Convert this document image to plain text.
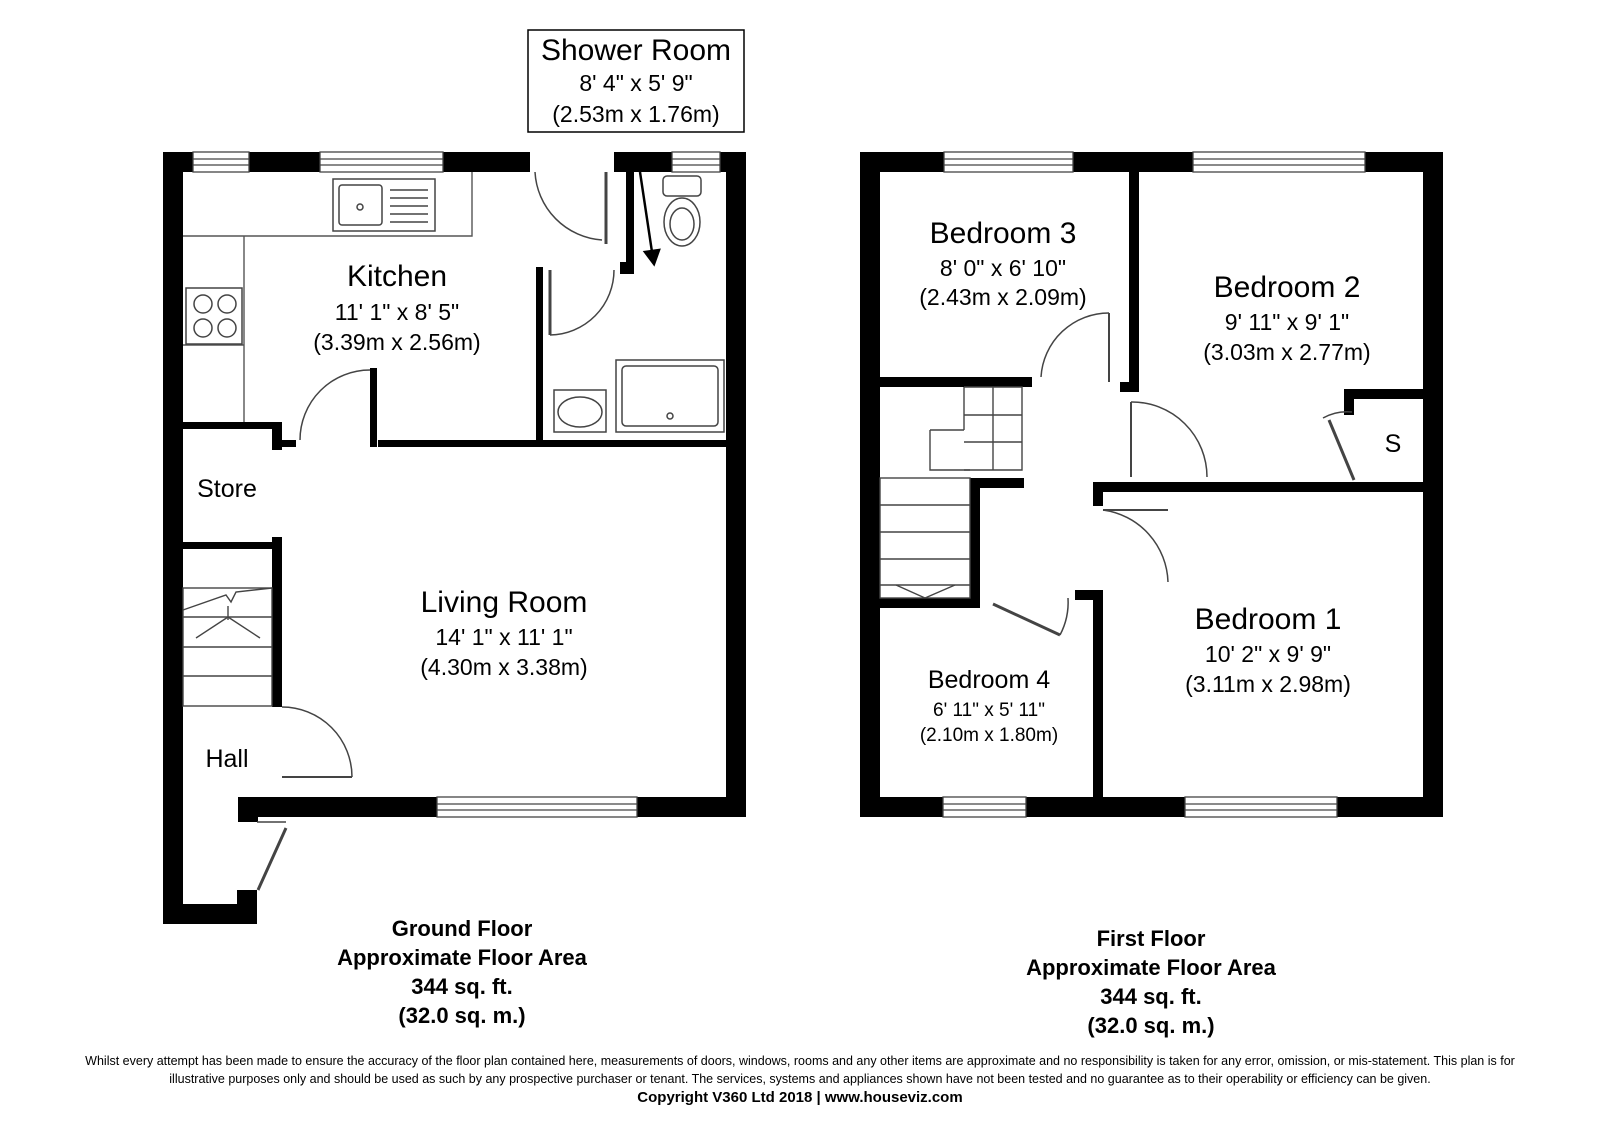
Shower Room
8' 4" x 5' 9"
(2.53m x 1.76m)
Kitchen
11' 1" x 8' 5"
(3.39m x 2.56m)
Store
Living Room
14' 1" x 11' 1"
(4.30m x 3.38m)
Hall
Bedroom 3
8' 0" x 6' 10"
(2.43m x 2.09m)	Bedroom 2
9' 11" x 9' 1"
(3.03m x 2.77m)
S
Bedroom 1
10' 2" x 9' 9"
(3.11m x 2.98m)
Bedroom 4
6' 11" x 5' 11"
(2.10m x 1.80m)
Ground Floor
Approximate Floor Area
344 sq. ft.
(32.0 sq. m.)
First Floor
Approximate Floor Area
344 sq. ft.
(32.0 sq. m.)
Whilst every attempt has been made to ensure the accuracy of the floor plan contained here, measurements of doors, windows, rooms and any other items are approximate and no responsibility is taken for any error, omission, or mis-statement. This plan is for
illustrative purposes only and should be used as such by any prospective purchaser or tenant. The services, systems and appliances shown have not been tested and no guarantee as to their operability or efficiency can be given.
Copyright V360 Ltd 2018 | www.houseviz.com
